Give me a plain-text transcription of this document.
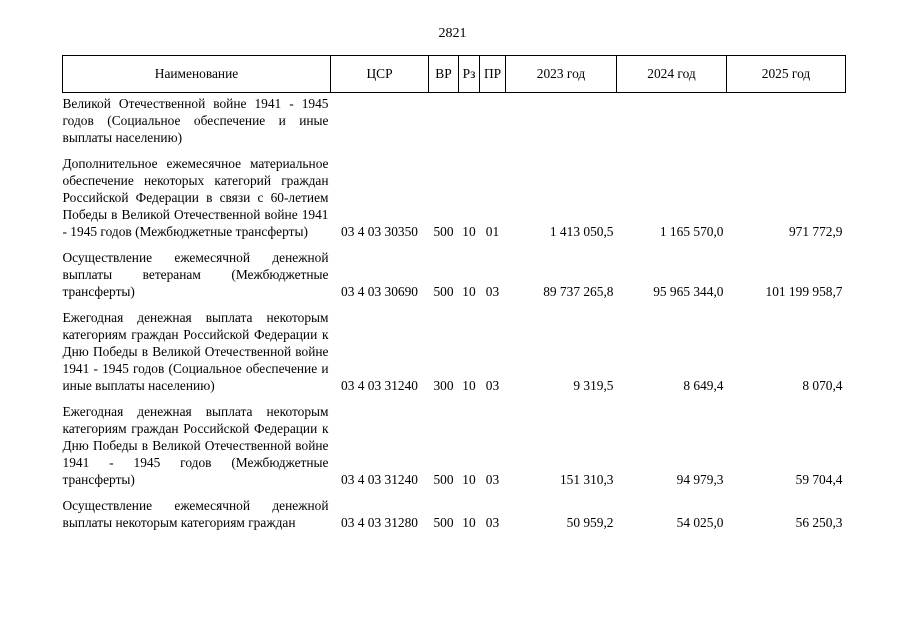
2821
Наименование	ЦСР	ВР	Рз	ПР	2023 год	2024 год	2025 год
Великой Отечественной войне 1941 - 1945 годов (Социальное обеспечение и иные выплаты населению)							

Дополнительное ежемесячное материальное обеспечение некоторых категорий граждан Российской Федерации в связи с 60-летием Победы в Великой Отечественной войне 1941 - 1945 годов (Межбюджетные трансферты)	03 4 03 30350	500	10	01	1 413 050,5	1 165 570,0	971 772,9

Осуществление ежемесячной денежной выплаты ветеранам (Межбюджетные трансферты)	03 4 03 30690	500	10	03	89 737 265,8	95 965 344,0	101 199 958,7

Ежегодная денежная выплата некоторым категориям граждан Российской Федерации к Дню Победы в Великой Отечественной войне 1941 - 1945 годов (Социальное обеспечение и иные выплаты населению)	03 4 03 31240	300	10	03	9 319,5	8 649,4	8 070,4

Ежегодная денежная выплата некоторым категориям граждан Российской Федерации к Дню Победы в Великой Отечественной войне 1941 - 1945 годов (Межбюджетные трансферты)	03 4 03 31240	500	10	03	151 310,3	94 979,3	59 704,4

Осуществление ежемесячной денежной выплаты некоторым категориям граждан	03 4 03 31280	500	10	03	50 959,2	54 025,0	56 250,3
